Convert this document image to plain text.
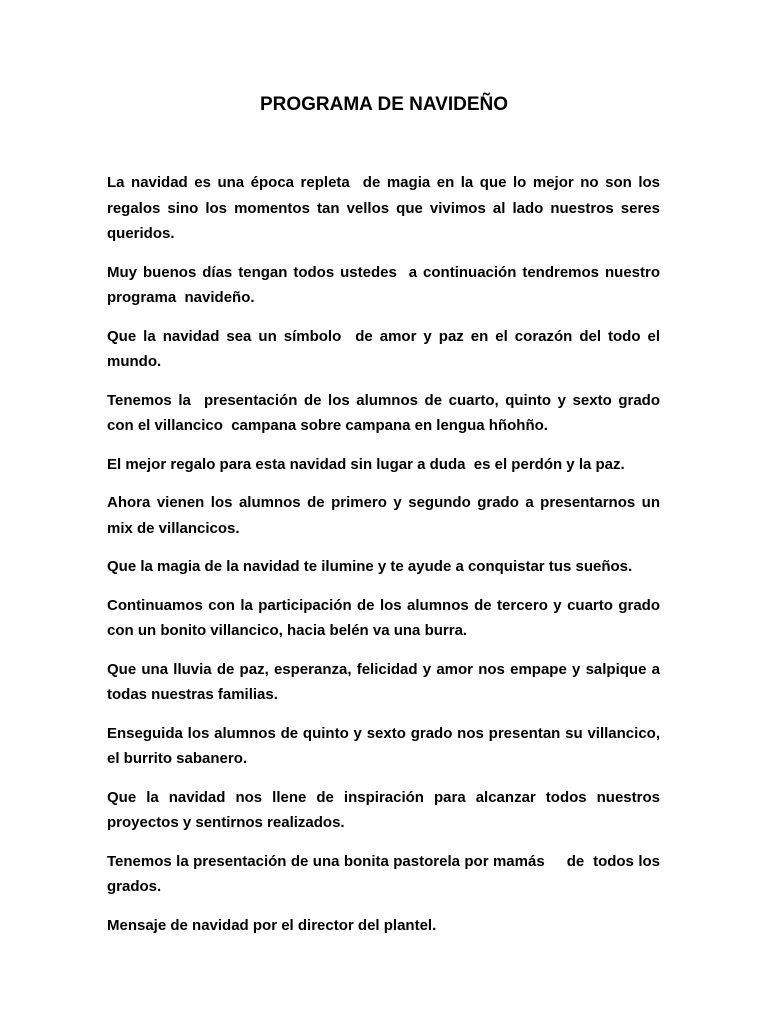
PROGRAMA DE NAVIDEÑO

La navidad es una época repleta  de magia en la que lo mejor no son los regalos sino los momentos tan vellos que vivimos al lado nuestros seres queridos.

Muy buenos días tengan todos ustedes  a continuación tendremos nuestro programa  navideño.

Que la navidad sea un símbolo  de amor y paz en el corazón del todo el mundo.

Tenemos la  presentación de los alumnos de cuarto, quinto y sexto grado con el villancico  campana sobre campana en lengua hñohño.

El mejor regalo para esta navidad sin lugar a duda  es el perdón y la paz.

Ahora vienen los alumnos de primero y segundo grado a presentarnos un mix de villancicos.

Que la magia de la navidad te ilumine y te ayude a conquistar tus sueños.

Continuamos con la participación de los alumnos de tercero y cuarto grado con un bonito villancico, hacia belén va una burra.

Que una lluvia de paz, esperanza, felicidad y amor nos empape y salpique a todas nuestras familias.

Enseguida los alumnos de quinto y sexto grado nos presentan su villancico, el burrito sabanero.

Que la navidad nos llene de inspiración para alcanzar todos nuestros proyectos y sentirnos realizados.

Tenemos la presentación de una bonita pastorela por mamás     de  todos los grados.

Mensaje de navidad por el director del plantel.
